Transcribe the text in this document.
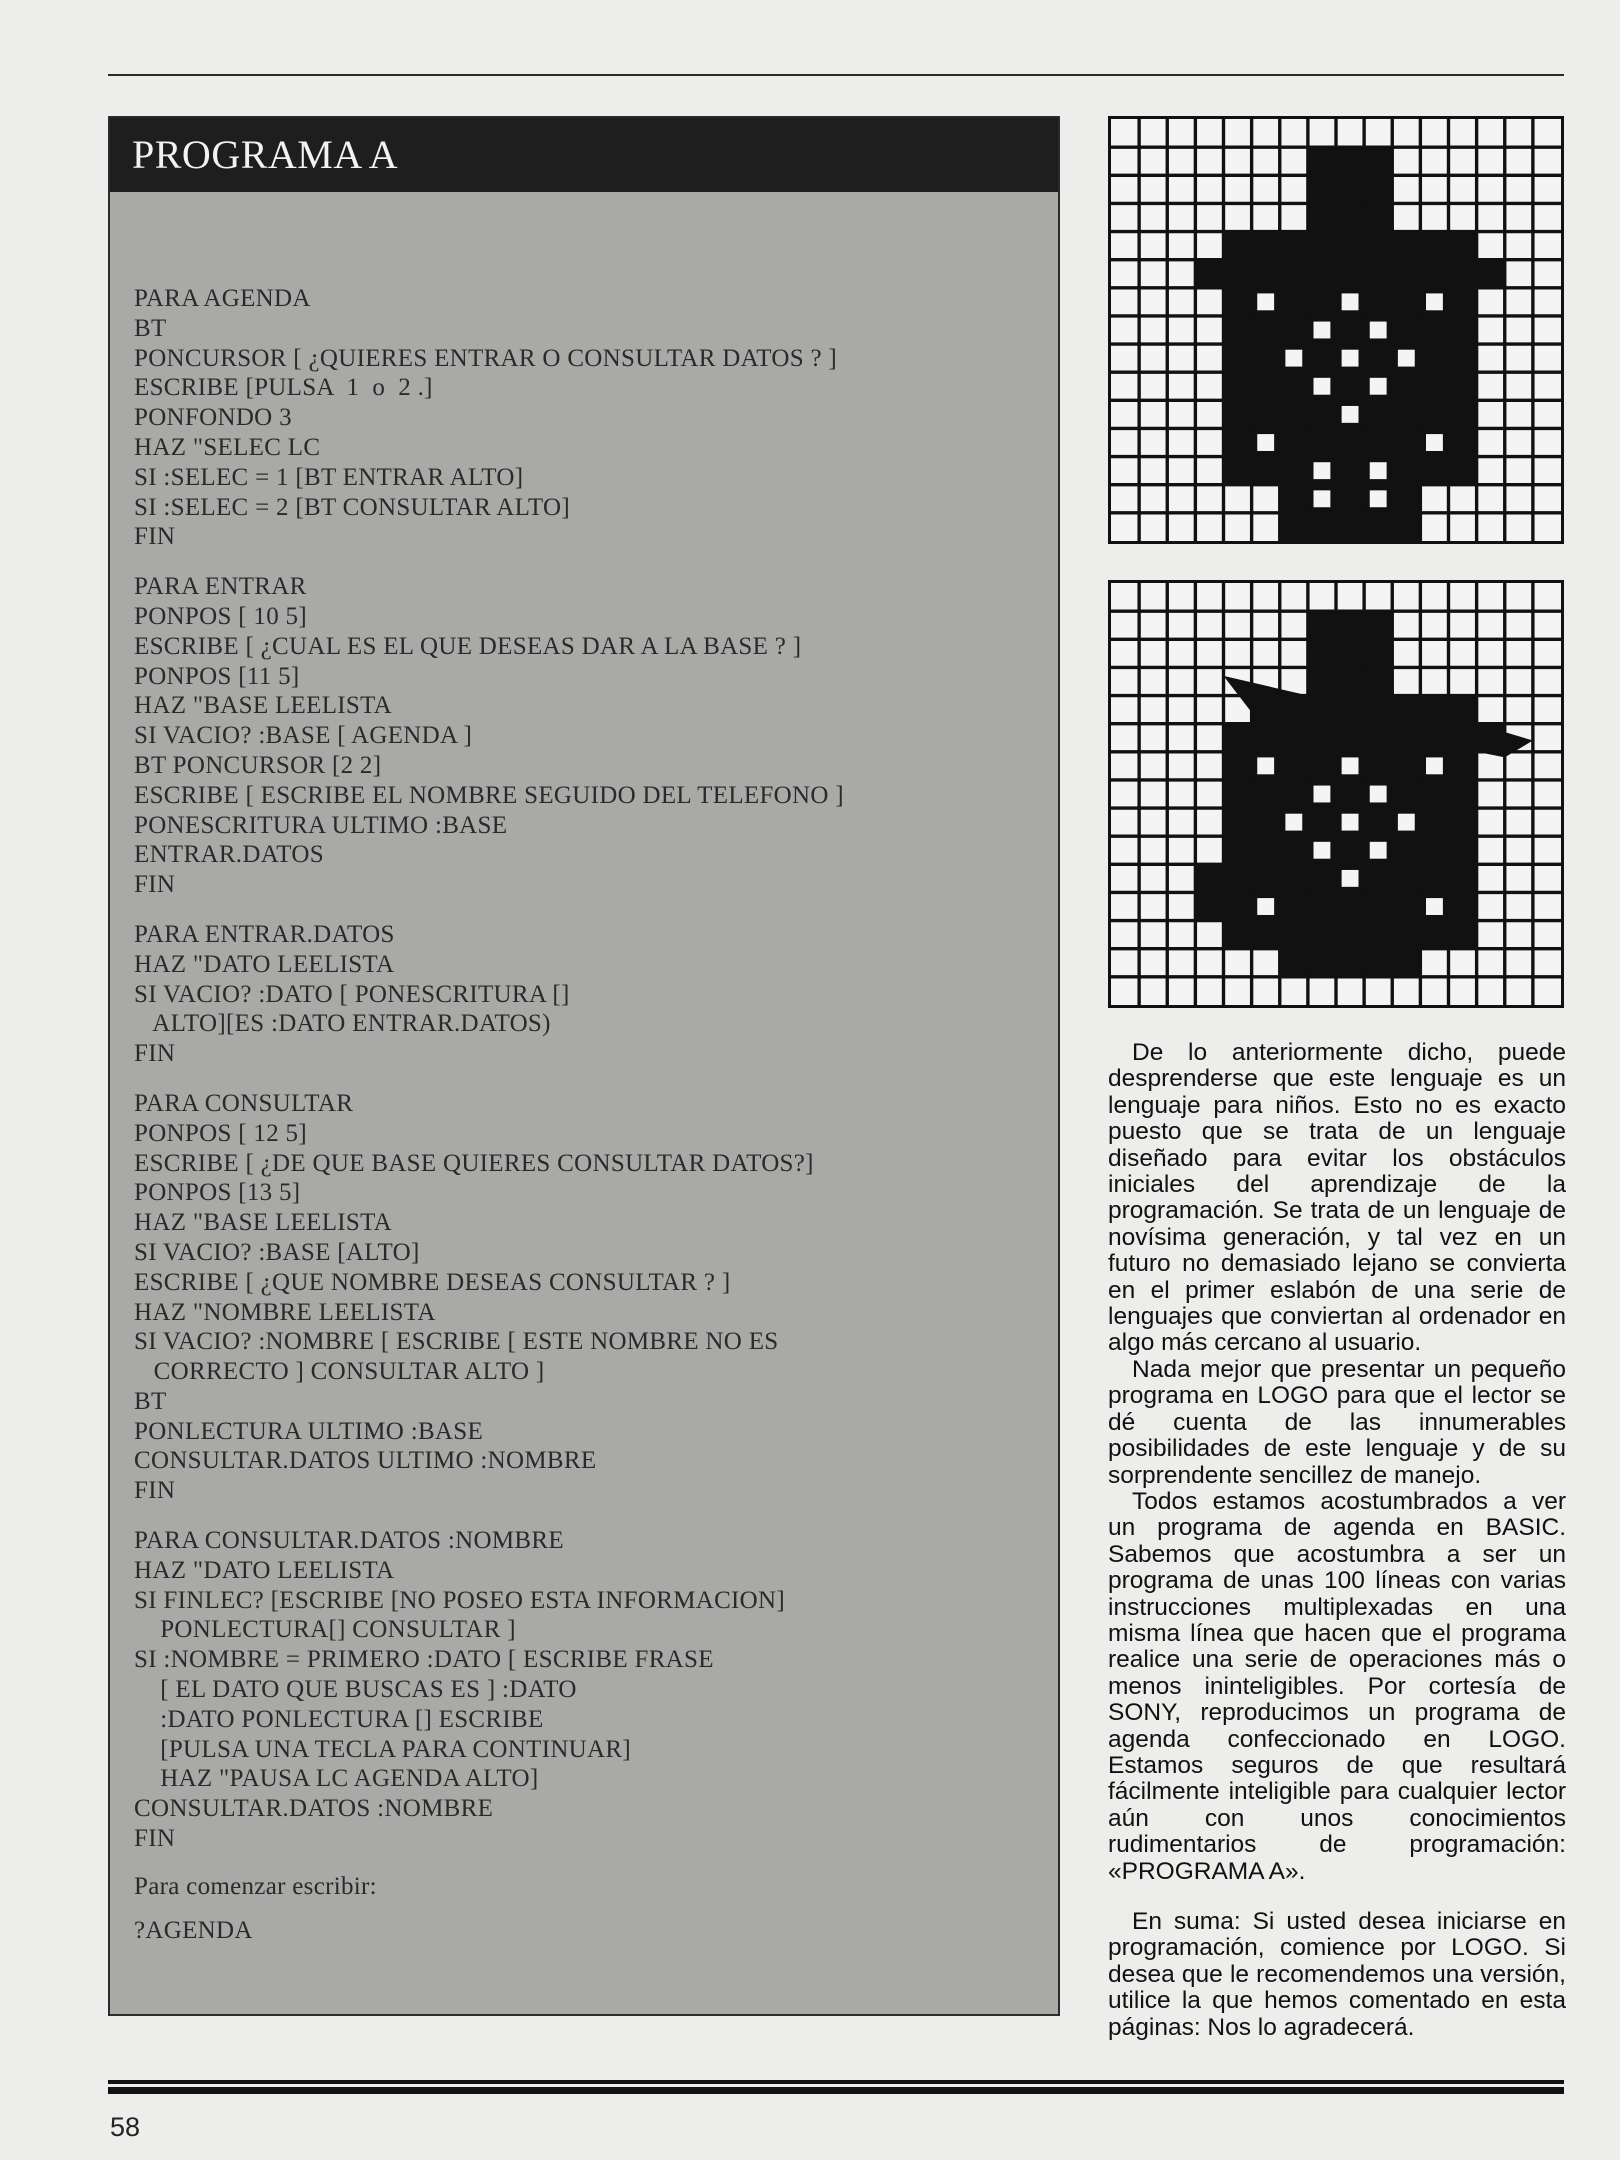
PROGRAMA A
PARA AGENDA
BT
PONCURSOR [ ¿QUIERES ENTRAR O CONSULTAR DATOS ? ]
ESCRIBE [PULSA  1  o  2 .]
PONFONDO 3
HAZ "SELEC LC
SI :SELEC = 1 [BT ENTRAR ALTO]
SI :SELEC = 2 [BT CONSULTAR ALTO]
FIN
PARA ENTRAR
PONPOS [ 10 5]
ESCRIBE [ ¿CUAL ES EL QUE DESEAS DAR A LA BASE ? ]
PONPOS [11 5]
HAZ "BASE LEELISTA
SI VACIO? :BASE [ AGENDA ]
BT PONCURSOR [2 2]
ESCRIBE [ ESCRIBE EL NOMBRE SEGUIDO DEL TELEFONO ]
PONESCRITURA ULTIMO :BASE
ENTRAR.DATOS
FIN
PARA ENTRAR.DATOS
HAZ "DATO LEELISTA
SI VACIO? :DATO [ PONESCRITURA []
ALTO][ES :DATO ENTRAR.DATOS)
FIN
PARA CONSULTAR
PONPOS [ 12 5]
ESCRIBE [ ¿DE QUE BASE QUIERES CONSULTAR DATOS?]
PONPOS [13 5]
HAZ "BASE LEELISTA
SI VACIO? :BASE [ALTO]
ESCRIBE [ ¿QUE NOMBRE DESEAS CONSULTAR ? ]
HAZ "NOMBRE LEELISTA
SI VACIO? :NOMBRE [ ESCRIBE [ ESTE NOMBRE NO ES
CORRECTO ] CONSULTAR ALTO ]
BT
PONLECTURA ULTIMO :BASE
CONSULTAR.DATOS ULTIMO :NOMBRE
FIN
PARA CONSULTAR.DATOS :NOMBRE
HAZ "DATO LEELISTA
SI FINLEC? [ESCRIBE [NO POSEO ESTA INFORMACION]
PONLECTURA[] CONSULTAR ]
SI :NOMBRE = PRIMERO :DATO [ ESCRIBE FRASE
[ EL DATO QUE BUSCAS ES ] :DATO
:DATO PONLECTURA [] ESCRIBE
[PULSA UNA TECLA PARA CONTINUAR]
HAZ "PAUSA LC AGENDA ALTO]
CONSULTAR.DATOS :NOMBRE
FIN
Para comenzar escribir:
?AGENDA

De lo anteriormente dicho, puede desprenderse que este lenguaje es un lenguaje para niños. Esto no es exacto puesto que se trata de un lenguaje diseñado para evitar los obstáculos iniciales del aprendizaje de la programación. Se trata de un lenguaje de novísima generación, y tal vez en un futuro no demasiado lejano se convierta en el primer eslabón de una serie de lenguajes que conviertan al ordenador en algo más cercano al usuario.

Nada mejor que presentar un pequeño programa en LOGO para que el lector se dé cuenta de las innumerables posibilidades de este lenguaje y de su sorprendente sencillez de manejo.

Todos estamos acostumbrados a ver un programa de agenda en BASIC. Sabemos que acostumbra a ser un programa de unas 100 líneas con varias instrucciones multiplexadas en una misma línea que hacen que el programa realice una serie de operaciones más o menos ininteligibles. Por cortesía de SONY, reproducimos un programa de agenda confeccionado en LOGO. Estamos seguros de que resultará fácilmente inteligible para cualquier lector aún con unos conocimientos rudimentarios de programación: «PROGRAMA A».

En suma: Si usted desea iniciarse en programación, comience por LOGO. Si desea que le recomendemos una versión, utilice la que hemos comentado en esta páginas: Nos lo agradecerá.

58
